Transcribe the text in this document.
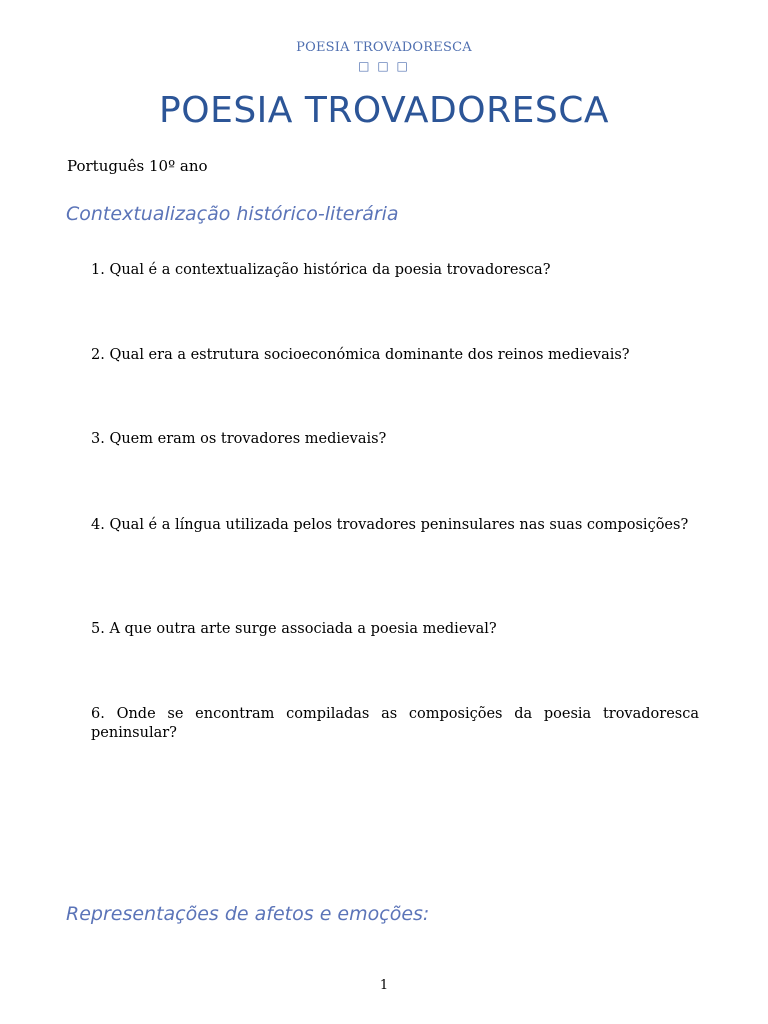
POESIA TROVADORESCA
□ □ □
POESIA TROVADORESCA
Português 10º ano
Contextualização histórico-literária
1. Qual é a contextualização histórica da poesia trovadoresca?
2. Qual era a estrutura socioeconómica dominante dos reinos medievais?
3. Quem eram os trovadores medievais?
4. Qual é a língua utilizada pelos trovadores peninsulares nas suas composições?
5. A que outra arte surge associada a poesia medieval?
6. Onde se encontram compiladas as composições da poesia trovadoresca peninsular?
Representações de afetos e emoções:
1
